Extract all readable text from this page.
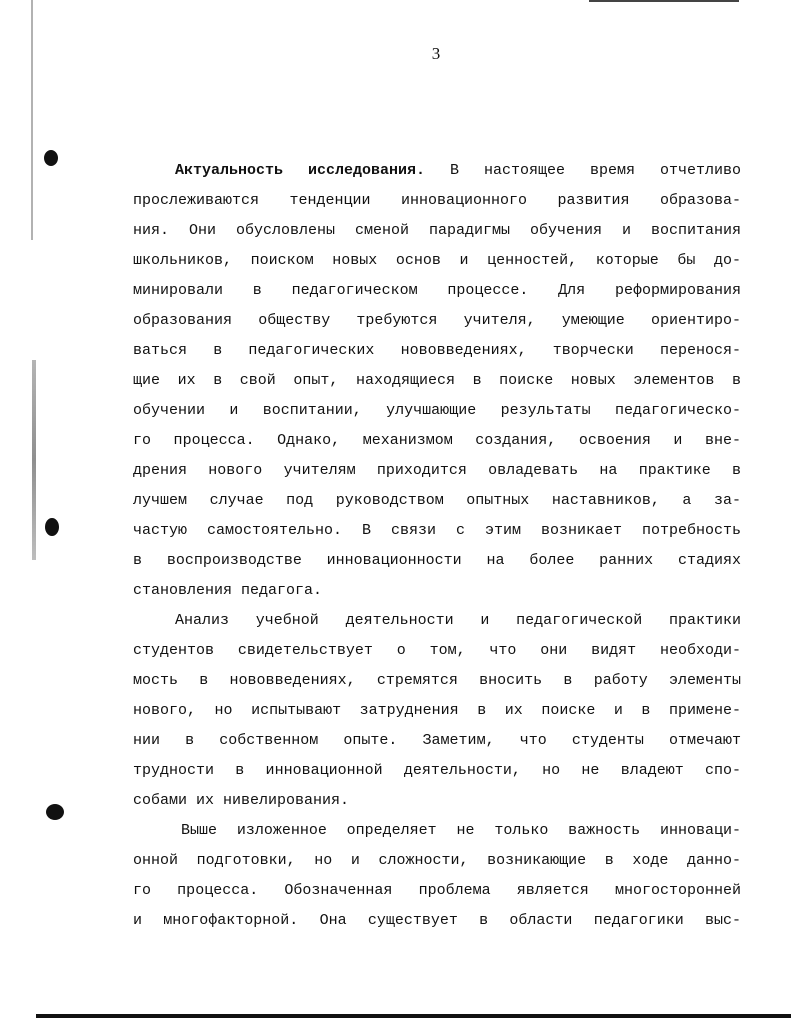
3
Актуальность исследования. В настоящее время отчетливо
прослеживаются тенденции инновационного развития образова-
ния. Они обусловлены сменой парадигмы обучения и воспитания
школьников, поиском новых основ и ценностей, которые бы до-
минировали в педагогическом процессе. Для реформирования
образования обществу требуются учителя, умеющие ориентиро-
ваться в педагогических нововведениях, творчески перенося-
щие их в свой опыт, находящиеся в поиске новых элементов в
обучении и воспитании, улучшающие результаты педагогическо-
го процесса. Однако, механизмом создания, освоения и вне-
дрения нового учителям приходится овладевать на практике в
лучшем случае под руководством опытных наставников, а за-
частую самостоятельно. В связи с этим возникает потребность
в воспроизводстве инновационности на более ранних стадиях
становления педагога.
Анализ учебной деятельности и педагогической практики
студентов свидетельствует о том, что они видят необходи-
мость в нововведениях, стремятся вносить в работу элементы
нового, но испытывают затруднения в их поиске и в примене-
нии в собственном опыте. Заметим, что студенты отмечают
трудности в инновационной деятельности, но не владеют спо-
собами их нивелирования.
Выше изложенное определяет не только важность инноваци-
онной подготовки, но и сложности, возникающие в ходе данно-
го процесса. Обозначенная проблема является многосторонней
и многофакторной. Она существует в области педагогики выс-
